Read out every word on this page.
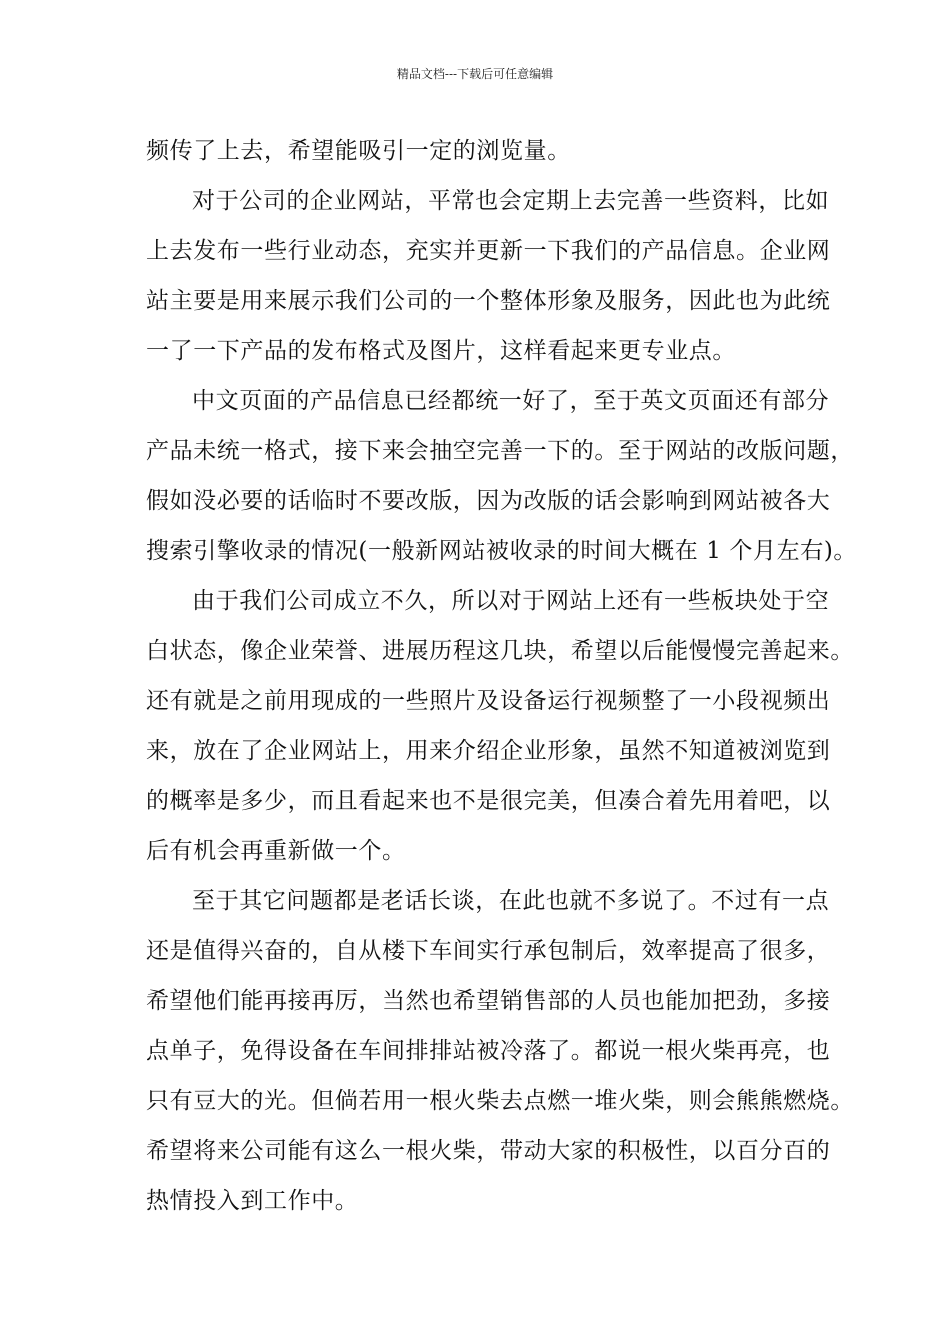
精品文档---下载后可任意编辑
频传了上去，希望能吸引一定的浏览量。
对于公司的企业网站，平常也会定期上去完善一些资料，比如
上去发布一些行业动态，充实并更新一下我们的产品信息。企业网
站主要是用来展示我们公司的一个整体形象及服务，因此也为此统
一了一下产品的发布格式及图片，这样看起来更专业点。
中文页面的产品信息已经都统一好了，至于英文页面还有部分
产品未统一格式，接下来会抽空完善一下的。至于网站的改版问题，
假如没必要的话临时不要改版，因为改版的话会影响到网站被各大
搜索引擎收录的情况(一般新网站被收录的时间大概在 1 个月左右)。
由于我们公司成立不久，所以对于网站上还有一些板块处于空
白状态，像企业荣誉、进展历程这几块，希望以后能慢慢完善起来。
还有就是之前用现成的一些照片及设备运行视频整了一小段视频出
来，放在了企业网站上，用来介绍企业形象，虽然不知道被浏览到
的概率是多少，而且看起来也不是很完美，但凑合着先用着吧，以
后有机会再重新做一个。
至于其它问题都是老话长谈，在此也就不多说了。不过有一点
还是值得兴奋的，自从楼下车间实行承包制后，效率提高了很多，
希望他们能再接再厉，当然也希望销售部的人员也能加把劲，多接
点单子，免得设备在车间排排站被冷落了。都说一根火柴再亮，也
只有豆大的光。但倘若用一根火柴去点燃一堆火柴，则会熊熊燃烧。
希望将来公司能有这么一根火柴，带动大家的积极性，以百分百的
热情投入到工作中。
